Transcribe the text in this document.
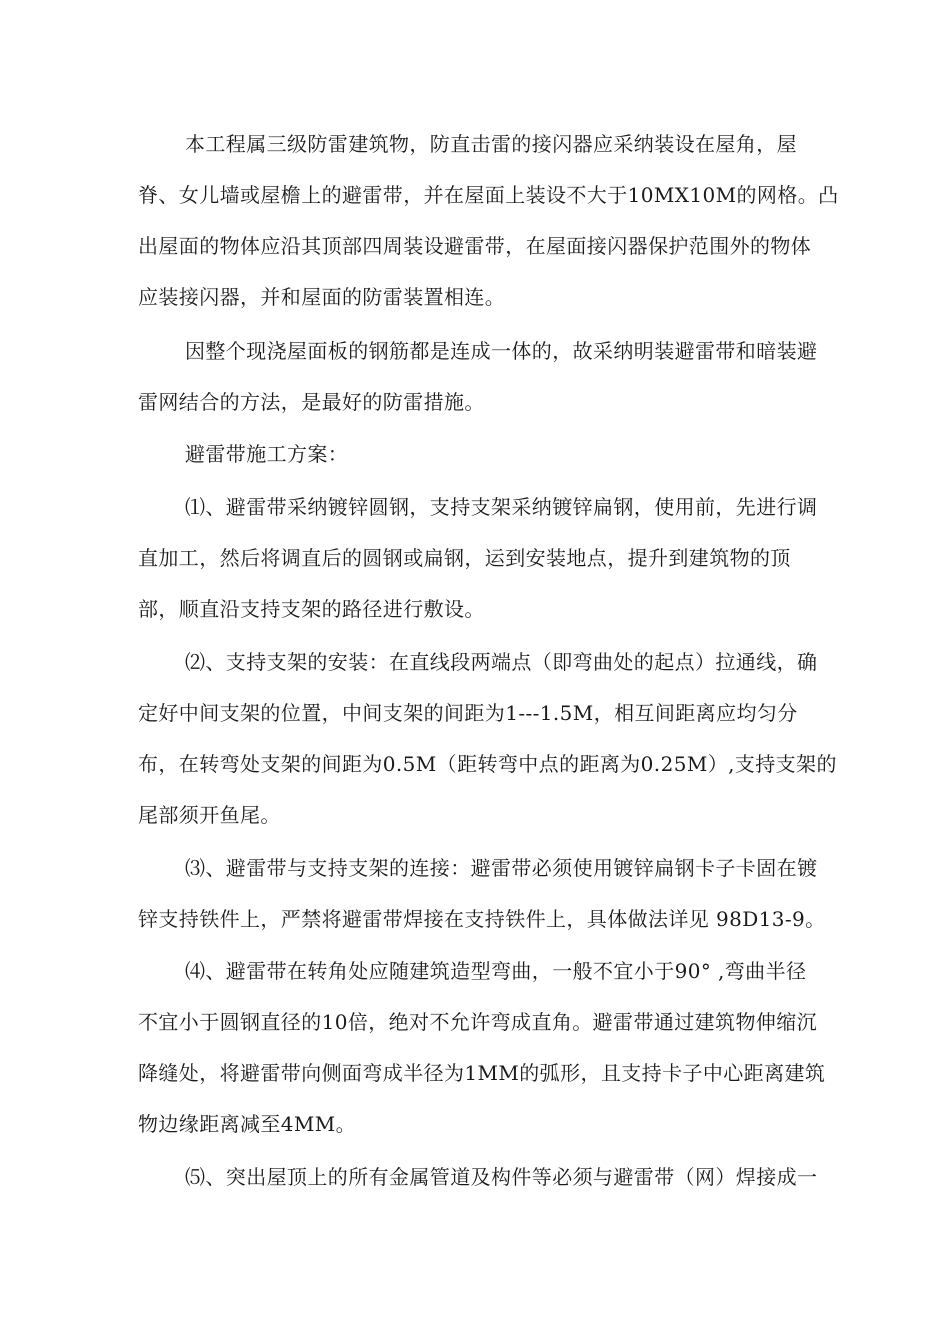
本工程属三级防雷建筑物，防直击雷的接闪器应采纳装设在屋角，屋
脊、女儿墙或屋檐上的避雷带，并在屋面上装设不大于10MX10M的网格。凸
出屋面的物体应沿其顶部四周装设避雷带，在屋面接闪器保护范围外的物体
应装接闪器，并和屋面的防雷装置相连。
因整个现浇屋面板的钢筋都是连成一体的，故采纳明装避雷带和暗装避
雷网结合的方法，是最好的防雷措施。
避雷带施工方案：
⑴、避雷带采纳镀锌圆钢，支持支架采纳镀锌扁钢，使用前，先进行调
直加工，然后将调直后的圆钢或扁钢，运到安装地点，提升到建筑物的顶
部，顺直沿支持支架的路径进行敷设。
⑵、支持支架的安装：在直线段两端点（即弯曲处的起点）拉通线，确
定好中间支架的位置，中间支架的间距为1---1.5M，相互间距离应均匀分
布，在转弯处支架的间距为0.5M（距转弯中点的距离为0.25M）,支持支架的
尾部须开鱼尾。
⑶、避雷带与支持支架的连接：避雷带必须使用镀锌扁钢卡子卡固在镀
锌支持铁件上，严禁将避雷带焊接在支持铁件上，具体做法详见 98D13-9。
⑷、避雷带在转角处应随建筑造型弯曲，一般不宜小于90° ,弯曲半径
不宜小于圆钢直径的10倍，绝对不允许弯成直角。避雷带通过建筑物伸缩沉
降缝处，将避雷带向侧面弯成半径为1MM的弧形，且支持卡子中心距离建筑
物边缘距离减至4MM。
⑸、突出屋顶上的所有金属管道及构件等必须与避雷带（网）焊接成一
